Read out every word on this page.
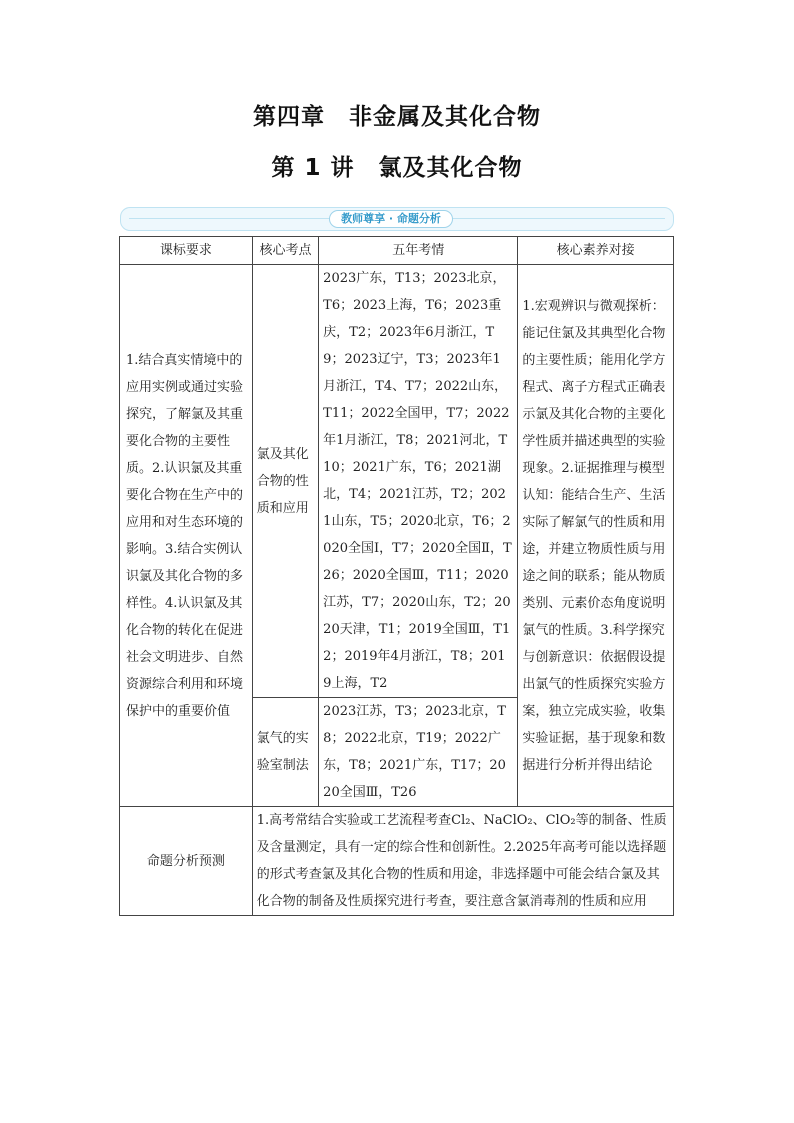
第四章　非金属及其化合物
第 1 讲　氯及其化合物
教师尊享 · 命题分析
课标要求	核心考点	五年考情	核心素养对接
1.结合真实情境中的应用实例或通过实验探究，了解氯及其重要化合物的主要性质。2.认识氯及其重要化合物在生产中的应用和对生态环境的影响。3.结合实例认识氯及其化合物的多样性。4.认识氯及其化合物的转化在促进社会文明进步、自然资源综合利用和环境保护中的重要价值	氯及其化合物的性质和应用	2023广东，T13；2023北京，T6；2023上海，T6；2023重庆，T2；2023年6月浙江，T9；2023辽宁，T3；2023年1月浙江，T4、T7；2022山东，T11；2022全国甲，T7；2022年1月浙江，T8；2021河北，T10；2021广东，T6；2021湖北，T4；2021江苏，T2；2021山东，T5；2020北京，T6；2020全国Ⅰ，T7；2020全国Ⅱ，T26；2020全国Ⅲ，T11；2020江苏，T7；2020山东，T2；2020天津，T1；2019全国Ⅲ，T12；2019年4月浙江，T8；2019上海，T2	1.宏观辨识与微观探析：能记住氯及其典型化合物的主要性质；能用化学方程式、离子方程式正确表示氯及其化合物的主要化学性质并描述典型的实验现象。2.证据推理与模型认知：能结合生产、生活实际了解氯气的性质和用途，并建立物质性质与用途之间的联系；能从物质类别、元素价态角度说明氯气的性质。3.科学探究与创新意识：依据假设提出氯气的性质探究实验方案，独立完成实验，收集实验证据，基于现象和数据进行分析并得出结论
	氯气的实验室制法	2023江苏，T3；2023北京，T8；2022北京，T19；2022广东，T8；2021广东，T17；2020全国Ⅲ，T26	
命题分析预测	1.高考常结合实验或工艺流程考查Cl₂、NaClO₂、ClO₂等的制备、性质及含量测定，具有一定的综合性和创新性。2.2025年高考可能以选择题的形式考查氯及其化合物的性质和用途，非选择题中可能会结合氯及其化合物的制备及性质探究进行考查，要注意含氯消毒剂的性质和应用		
